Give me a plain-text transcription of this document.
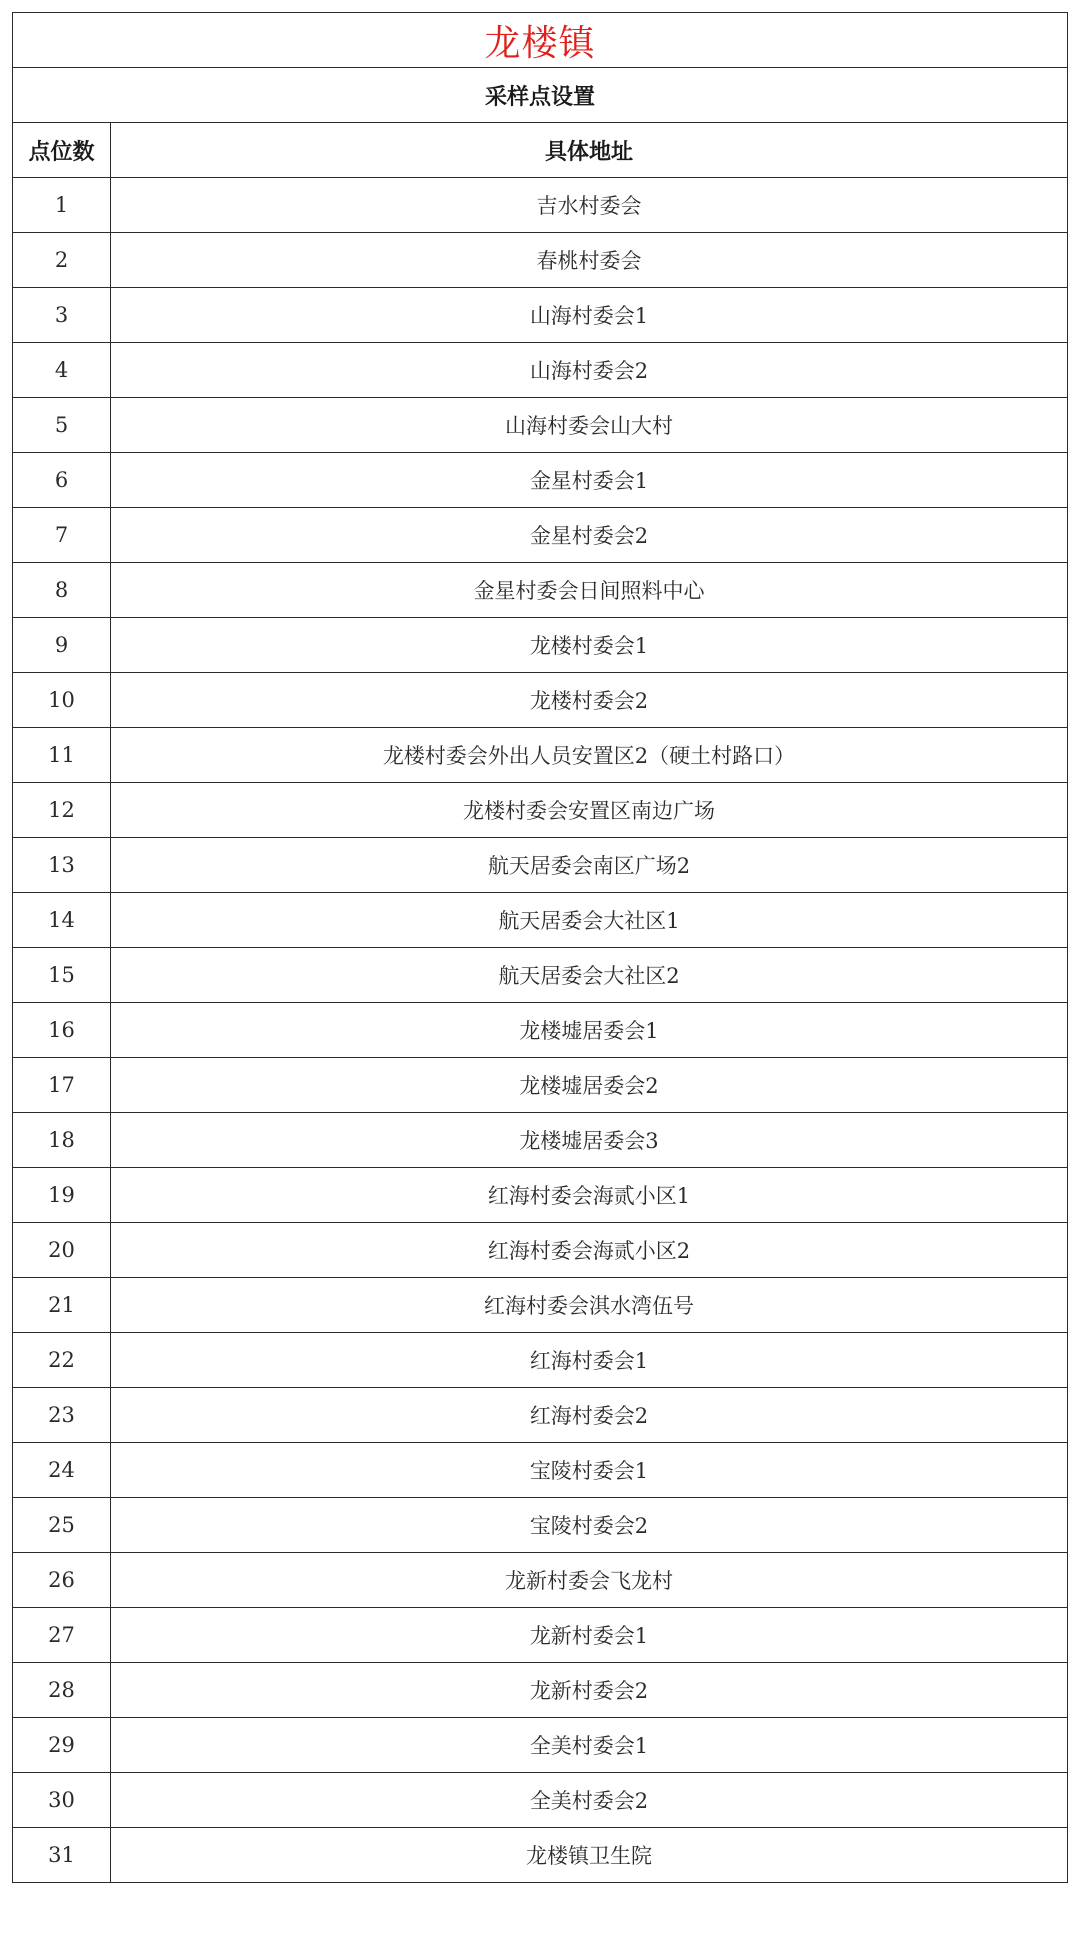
龙楼镇	
采样点设置	
点位数	具体地址
1	吉水村委会
2	春桃村委会
3	山海村委会1
4	山海村委会2
5	山海村委会山大村
6	金星村委会1
7	金星村委会2
8	金星村委会日间照料中心
9	龙楼村委会1
10	龙楼村委会2
11	龙楼村委会外出人员安置区2（硬土村路口）
12	龙楼村委会安置区南边广场
13	航天居委会南区广场2
14	航天居委会大社区1
15	航天居委会大社区2
16	龙楼墟居委会1
17	龙楼墟居委会2
18	龙楼墟居委会3
19	红海村委会海贰小区1
20	红海村委会海贰小区2
21	红海村委会淇水湾伍号
22	红海村委会1
23	红海村委会2
24	宝陵村委会1
25	宝陵村委会2
26	龙新村委会飞龙村
27	龙新村委会1
28	龙新村委会2
29	全美村委会1
30	全美村委会2
31	龙楼镇卫生院
